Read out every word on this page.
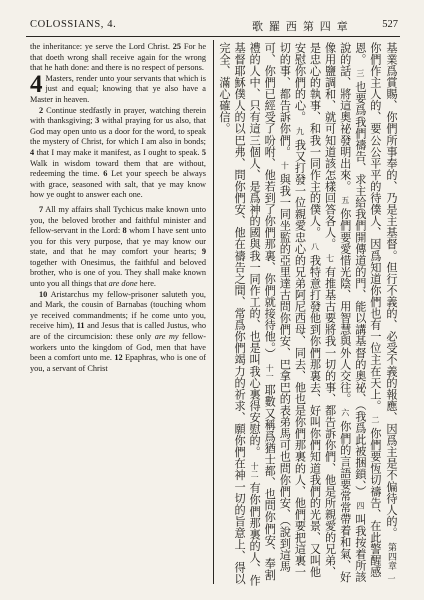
COLOSSIANS, 4.	歌 羅 西 第 四 章	527

the inheritance: ye serve the Lord Christ. 25 For he that doeth wrong shall receive again for the wrong that he hath done: and there is no respect of persons.

4 Masters, render unto your servants that which is just and equal; knowing that ye also have a Master in heaven.

2 Continue stedfastly in prayer, watching therein with thanksgiving; 3 withal praying for us also, that God may open unto us a door for the word, to speak the mystery of Christ, for which I am also in bonds; 4 that I may make it manifest, as I ought to speak. 5 Walk in wisdom toward them that are without, redeeming the time. 6 Let your speech be always with grace, seasoned with salt, that ye may know how ye ought to answer each one.

7 All my affairs shall Tychicus make known unto you, the beloved brother and faithful minister and fellow-servant in the Lord: 8 whom I have sent unto you for this very purpose, that ye may know our state, and that he may comfort your hearts; 9 together with Onesimus, the faithful and beloved brother, who is one of you. They shall make known unto you all things that are done here.

10 Aristarchus my fellow-prisoner saluteth you, and Mark, the cousin of Barnabas (touching whom ye received commandments; if he come unto you, receive him), 11 and Jesus that is called Justus, who are of the circumcision: these only are my fellow-workers unto the kingdom of God, men that have been a comfort unto me. 12 Epaphras, who is one of you, a servant of Christ	基業爲賞賜、你們所事奉的、乃是主基督。但行不義的、必受不義的報應、因爲主是不偏待人的。 第四章 一 你們作主人的、要公公平平的待僕人、因爲知道你們也有一位主在天上。 二 你們要恆切禱告、在此警醒感恩。 三 也要爲我們禱告、求主給我們開傳道的門、能以講基督的奧祕、（我爲此被捆鎖、） 四 叫我按着所該說的話、將這奧祕發明出來。 五 你們要愛惜光陰、用智慧與外人交往。 六 你們的言語要常常帶着和氣、好像用鹽調和、就可知道該怎樣回答各人。 七 有推基古要將我一切的事、都告訴你們、他是所親愛的兄弟、是忠心的執事、和我一同作主的僕人。 八 我特意打發他到你們那裏去、好叫你們知道我們的光景、又叫他安慰你們的心。 九 我又打發一位親愛忠心的兄弟阿尼西母、同去、他也是你們那裏的人、他們要把這裏一切的事、都告訴你們。 十 與我一同坐監的亞里達古問你們安、巴拿巴的表弟馬可也問你們安、（說到這馬可、你們已經受了吩咐、他若到了你們那裏、你們就接待他。） 十一 耶數又稱爲猶士都、也問你們安、奉割禮的人中、只有這三個人、是爲神的國與我一同作工的、也是叫我心裏得安慰的。 十二 有你們那裏的人、作基督耶穌僕人的以巴弗、問你們安、他在禱告之間、常爲你們竭力的祈求、願你們在神一切的旨意上、得以完全、滿心確信。
